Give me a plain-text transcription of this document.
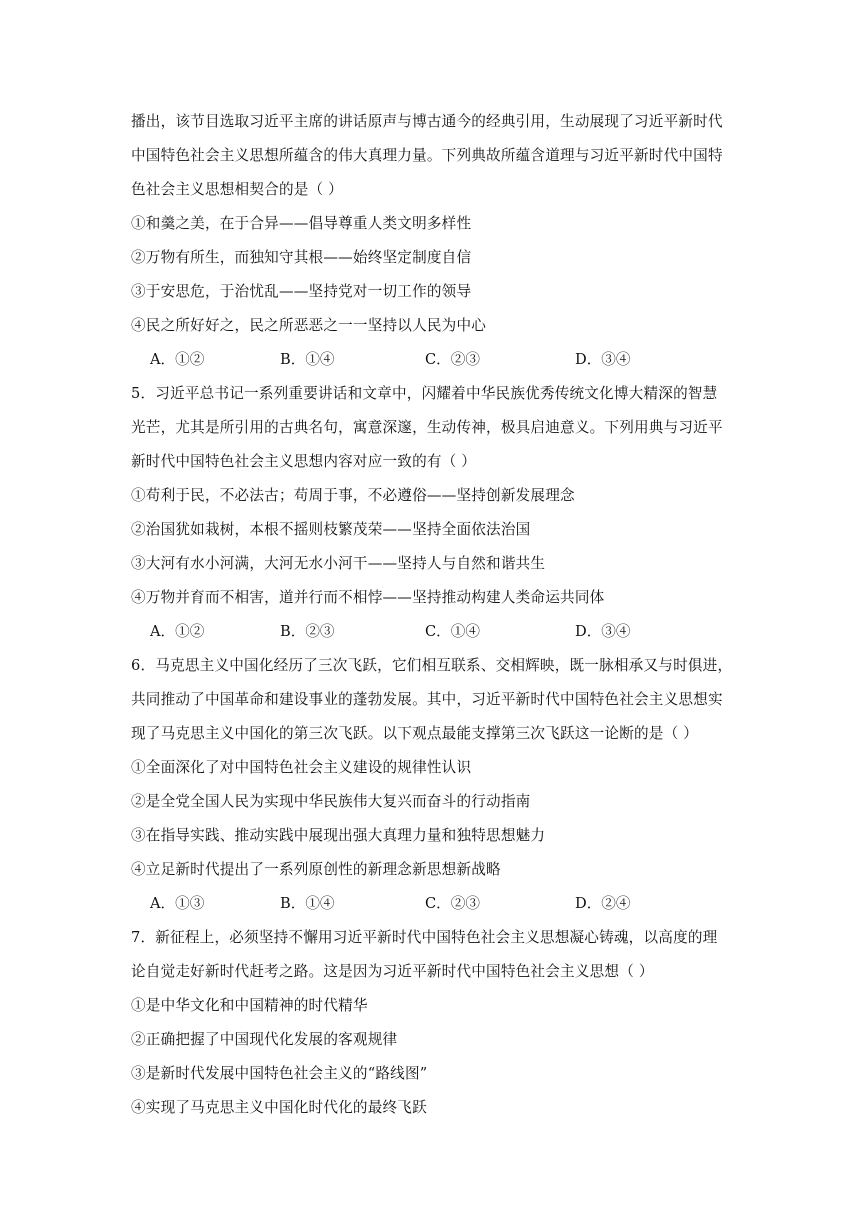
播出，该节目选取习近平主席的讲话原声与博古通今的经典引用，生动展现了习近平新时代
中国特色社会主义思想所蕴含的伟大真理力量。下列典故所蕴含道理与习近平新时代中国特
色社会主义思想相契合的是（ ）
①和羹之美，在于合异——倡导尊重人类文明多样性
②万物有所生，而独知守其根——始终坚定制度自信
③于安思危，于治忧乱——坚持党对一切工作的领导
④民之所好好之，民之所恶恶之一一坚持以人民为中心
A．①②	B．①④	C．②③	D．③④
5．习近平总书记一系列重要讲话和文章中，闪耀着中华民族优秀传统文化博大精深的智慧
光芒，尤其是所引用的古典名句，寓意深邃，生动传神，极具启迪意义。下列用典与习近平
新时代中国特色社会主义思想内容对应一致的有（ ）
①苟利于民，不必法古；苟周于事，不必遵俗——坚持创新发展理念
②治国犹如栽树，本根不摇则枝繁茂荣——坚持全面依法治国
③大河有水小河满，大河无水小河干——坚持人与自然和谐共生
④万物并育而不相害，道并行而不相悖——坚持推动构建人类命运共同体
A．①②	B．②③	C．①④	D．③④
6．马克思主义中国化经历了三次飞跃，它们相互联系、交相辉映，既一脉相承又与时俱进，
共同推动了中国革命和建设事业的蓬勃发展。其中，习近平新时代中国特色社会主义思想实
现了马克思主义中国化的第三次飞跃。以下观点最能支撑第三次飞跃这一论断的是（ ）
①全面深化了对中国特色社会主义建设的规律性认识
②是全党全国人民为实现中华民族伟大复兴而奋斗的行动指南
③在指导实践、推动实践中展现出强大真理力量和独特思想魅力
④立足新时代提出了一系列原创性的新理念新思想新战略
A．①③	B．①④	C．②③	D．②④
7．新征程上，必须坚持不懈用习近平新时代中国特色社会主义思想凝心铸魂，以高度的理
论自觉走好新时代赶考之路。这是因为习近平新时代中国特色社会主义思想（ ）
①是中华文化和中国精神的时代精华
②正确把握了中国现代化发展的客观规律
③是新时代发展中国特色社会主义的“路线图”
④实现了马克思主义中国化时代化的最终飞跃
